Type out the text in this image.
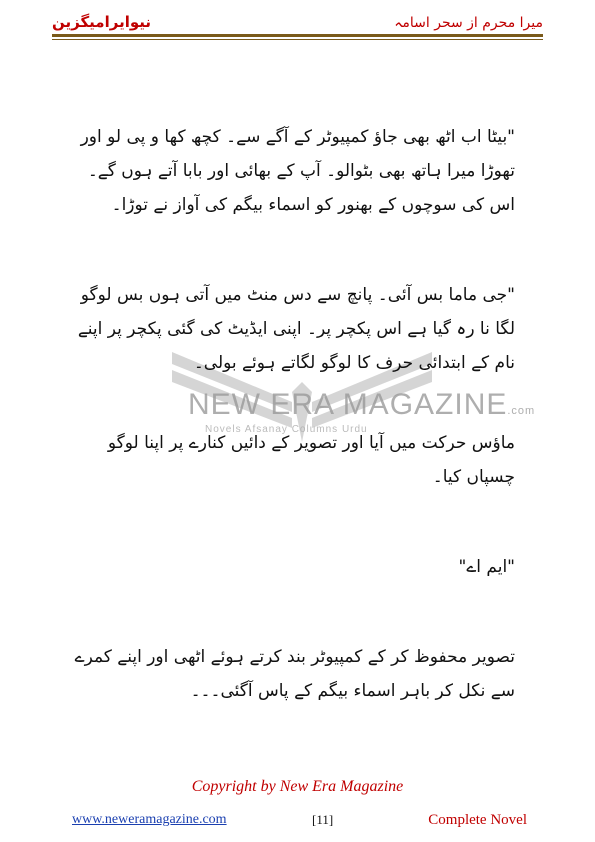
نیوایرامیگزین	میرا محرم از سحر اسامہ
NEW ERA MAGAZINE.com
Novels Afsanay Columns Urdu

"بیٹا اب اٹھ بھی جاؤ کمپیوٹر کے آگے سے۔ کچھ کھا و پی لو اور تھوڑا میرا ہاتھ بھی بٹوالو۔ آپ کے بھائی اور بابا آتے ہوں گے۔ اس کی سوچوں کے بھنور کو اسماء بیگم کی آواز نے توڑا۔

"جی ماما بس آئی۔ پانچ سے دس منٹ میں آتی ہوں بس لوگو لگا نا رہ گیا ہے اس پکچر پر۔ اپنی ایڈیٹ کی گئی پکچر پر اپنے نام کے ابتدائی حرف کا لوگو لگاتے ہوئے بولی۔

ماؤس حرکت میں آیا اور تصویر کے دائیں کنارے پر اپنا لوگو چسپاں کیا۔

"ایم اے"

تصویر محفوظ کر کے کمپیوٹر بند کرتے ہوئے اٹھی اور اپنے کمرے سے نکل کر باہر اسماء بیگم کے پاس آگئی۔۔۔

Copyright by New Era Magazine
www.neweramagazine.com	[11]	Complete Novel
